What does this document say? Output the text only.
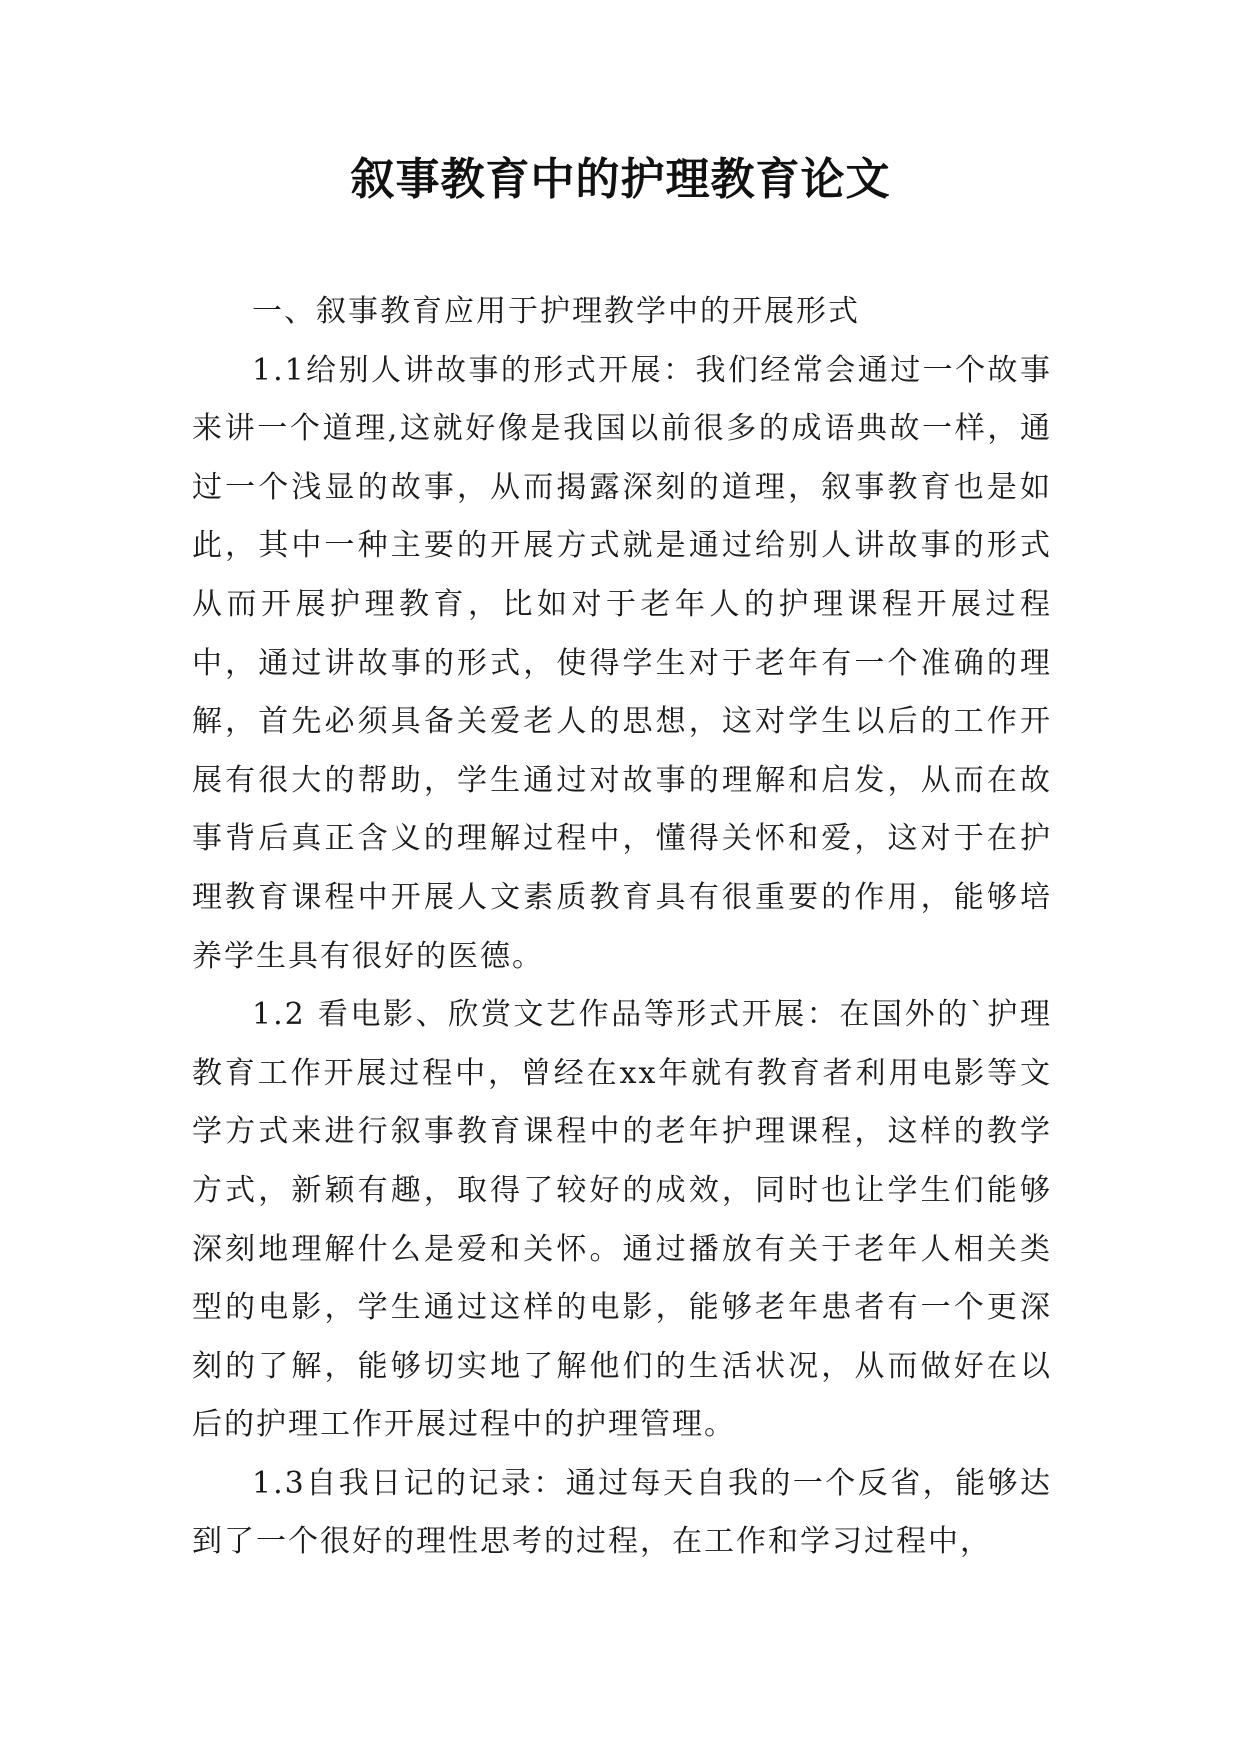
叙事教育中的护理教育论文

一、叙事教育应用于护理教学中的开展形式

1.1给别人讲故事的形式开展：我们经常会通过一个故事来讲一个道理,这就好像是我国以前很多的成语典故一样，通过一个浅显的故事，从而揭露深刻的道理，叙事教育也是如此，其中一种主要的开展方式就是通过给别人讲故事的形式从而开展护理教育，比如对于老年人的护理课程开展过程中，通过讲故事的形式，使得学生对于老年有一个准确的理解，首先必须具备关爱老人的思想，这对学生以后的工作开展有很大的帮助，学生通过对故事的理解和启发，从而在故事背后真正含义的理解过程中，懂得关怀和爱，这对于在护理教育课程中开展人文素质教育具有很重要的作用，能够培养学生具有很好的医德。

1.2 看电影、欣赏文艺作品等形式开展：在国外的`护理教育工作开展过程中，曾经在xx年就有教育者利用电影等文学方式来进行叙事教育课程中的老年护理课程，这样的教学方式，新颖有趣，取得了较好的成效，同时也让学生们能够深刻地理解什么是爱和关怀。通过播放有关于老年人相关类型的电影，学生通过这样的电影，能够老年患者有一个更深刻的了解，能够切实地了解他们的生活状况，从而做好在以后的护理工作开展过程中的护理管理。

1.3自我日记的记录：通过每天自我的一个反省，能够达到了一个很好的理性思考的过程，在工作和学习过程中，
